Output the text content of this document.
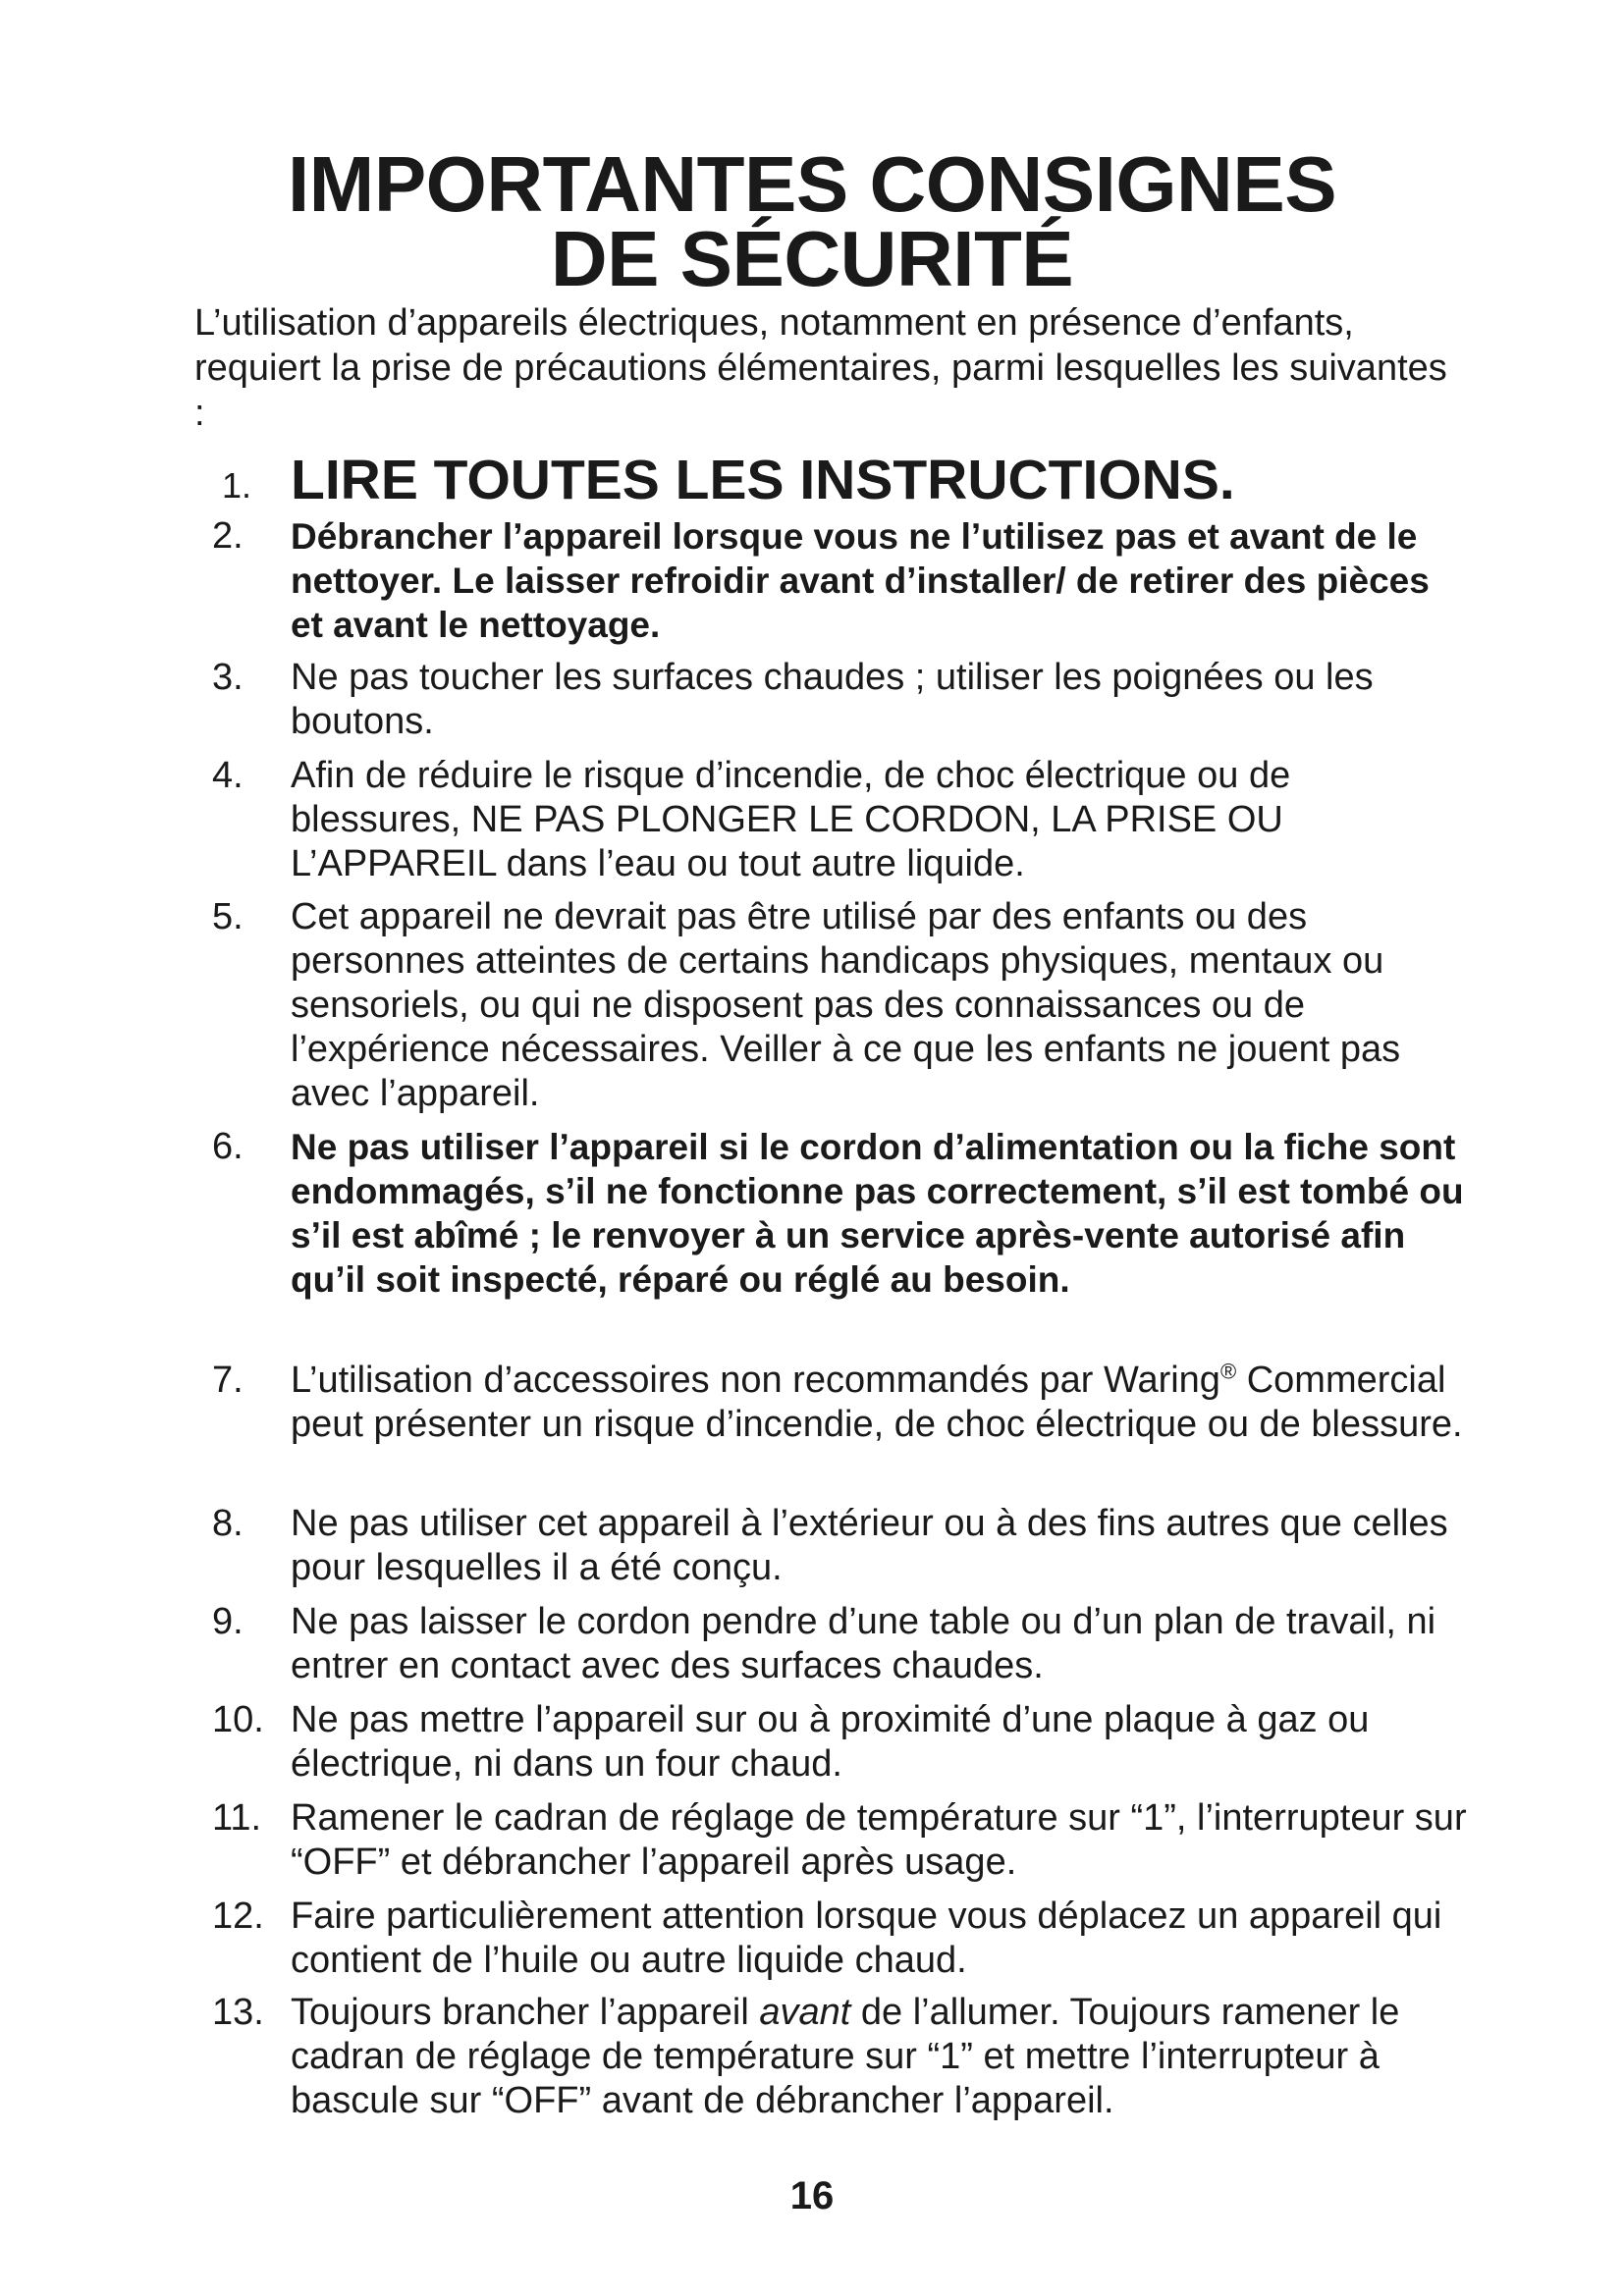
IMPORTANTES CONSIGNES
DE SÉCURITÉ

L’utilisation d’appareils électriques, notamment en présence d’enfants, requiert la prise de précautions élémentaires, parmi lesquelles les suivantes :

1. LIRE TOUTES LES INSTRUCTIONS.

2.	Débrancher l’appareil lorsque vous ne l’utilisez pas et avant de le nettoyer. Le laisser refroidir avant d’installer/ de retirer des pièces et avant le nettoyage.

3.	Ne pas toucher les surfaces chaudes ; utiliser les poignées ou les boutons.

4.	Afin de réduire le risque d’incendie, de choc électrique ou de blessures, NE PAS PLONGER LE CORDON, LA PRISE OU L’APPAREIL dans l’eau ou tout autre liquide.

5.	Cet appareil ne devrait pas être utilisé par des enfants ou des personnes atteintes de certains handicaps physiques, mentaux ou sensoriels, ou qui ne disposent pas des connaissances ou de l’expérience nécessaires. Veiller à ce que les enfants ne jouent pas avec l’appareil.

6.	Ne pas utiliser l’appareil si le cordon d’alimentation ou la fiche sont endommagés, s’il ne fonctionne pas correctement, s’il est tombé ou s’il est abîmé ; le renvoyer à un service après-vente autorisé afin qu’il soit inspecté, réparé ou réglé au besoin.

7.	L’utilisation d’accessoires non recommandés par Waring® Commercial peut présenter un risque d’incendie, de choc électrique ou de blessure.

8.	Ne pas utiliser cet appareil à l’extérieur ou à des fins autres que celles pour lesquelles il a été conçu.

9.	Ne pas laisser le cordon pendre d’une table ou d’un plan de travail, ni entrer en contact avec des surfaces chaudes.

10. Ne pas mettre l’appareil sur ou à proximité d’une plaque à gaz ou électrique, ni dans un four chaud.

11. Ramener le cadran de réglage de température sur “1”, l’interrupteur sur “OFF” et débrancher l’appareil après usage.

12. Faire particulièrement attention lorsque vous déplacez un appareil qui contient de l’huile ou autre liquide chaud.

13. Toujours brancher l’appareil avant de l’allumer. Toujours ramener le cadran de réglage de température sur “1” et mettre l’interrupteur à bascule sur “OFF” avant de débrancher l’appareil.

16
